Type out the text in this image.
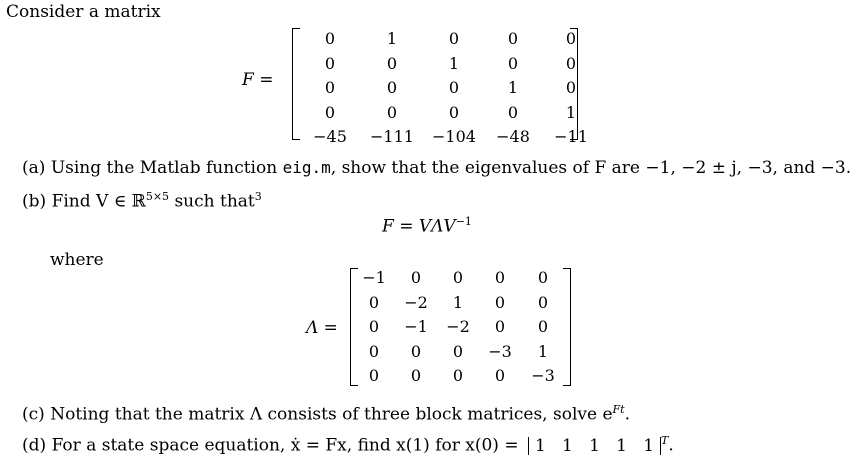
Consider a matrix
F =
0	1	0	0	0
0	0	1	0	0
0	0	0	1	0
0	0	0	0	1
−45	−111	−104	−48	−11
(a) Using the Matlab function eig.m, show that the eigenvalues of F are −1, −2 ± j, −3, and −3.
(b) Find V ∈ ℝ$^{5\times 5}$ such that$^3$
$F = V\Lambda V^{-1}$
where
Λ =
−1	0	0	0	0
0	−2	1	0	0
0	−1	−2	0	0
0	0	0	−3	1
0	0	0	0	−3
(c) Noting that the matrix Λ consists of three block matrices, solve $e^{Ft}$.
(d) For a state space equation, ẋ = Fx, find x(1) for x(0) = 1 1 1 1 1 $^T$.
